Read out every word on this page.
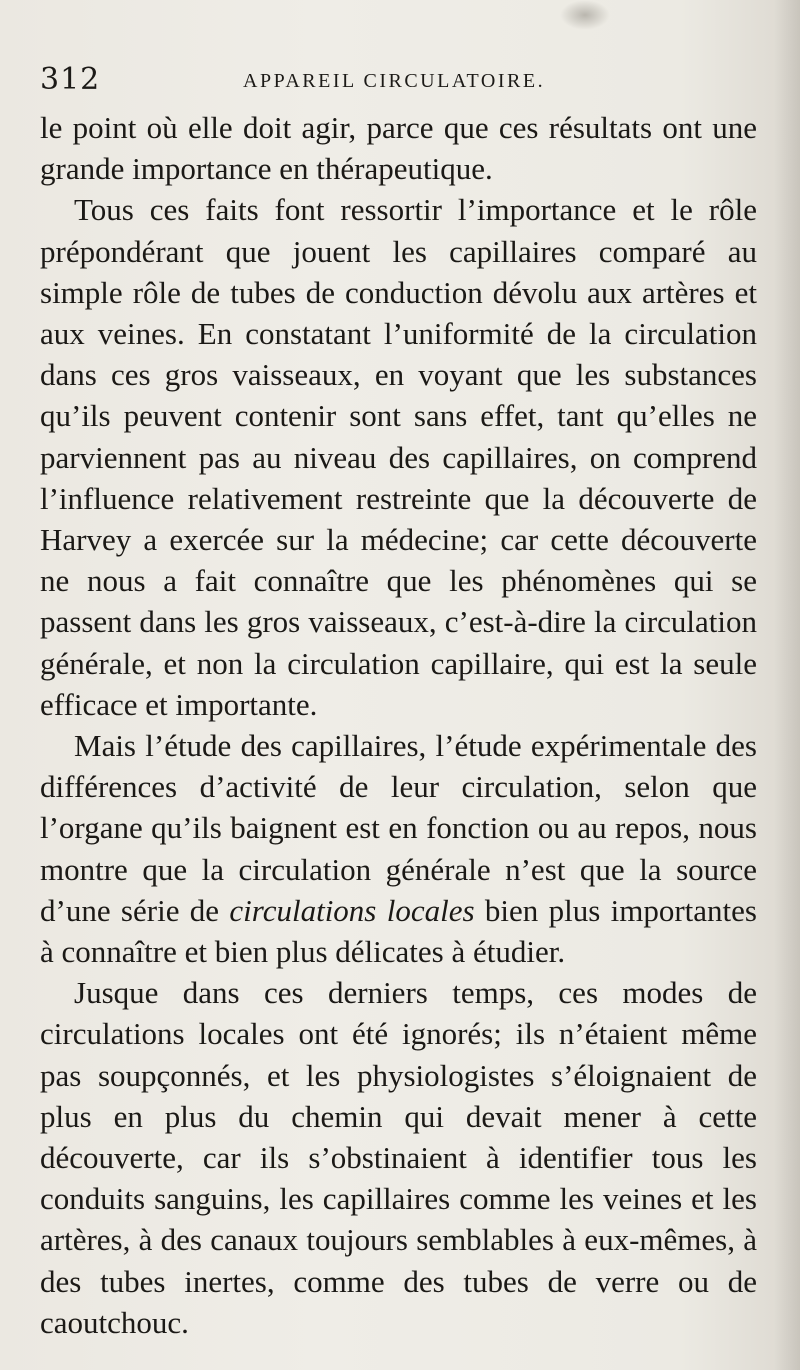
312	APPAREIL CIRCULATOIRE.

le point où elle doit agir, parce que ces résultats ont une grande importance en thérapeutique.

Tous ces faits font ressortir l’importance et le rôle prépondérant que jouent les capillaires comparé au simple rôle de tubes de conduction dévolu aux artères et aux veines. En constatant l’uniformité de la circulation dans ces gros vaisseaux, en voyant que les substances qu’ils peuvent contenir sont sans effet, tant qu’elles ne parviennent pas au niveau des capillaires, on comprend l’influence relativement restreinte que la découverte de Harvey a exercée sur la médecine; car cette découverte ne nous a fait connaître que les phénomènes qui se passent dans les gros vaisseaux, c’est-à-dire la circulation générale, et non la circulation capillaire, qui est la seule efficace et importante.

Mais l’étude des capillaires, l’étude expérimentale des différences d’activité de leur circulation, selon que l’organe qu’ils baignent est en fonction ou au repos, nous montre que la circulation générale n’est que la source d’une série de circulations locales bien plus importantes à connaître et bien plus délicates à étudier.

Jusque dans ces derniers temps, ces modes de circulations locales ont été ignorés; ils n’étaient même pas soupçonnés, et les physiologistes s’éloignaient de plus en plus du chemin qui devait mener à cette découverte, car ils s’obstinaient à identifier tous les conduits sanguins, les capillaires comme les veines et les artères, à des canaux toujours semblables à eux-mêmes, à des tubes inertes, comme des tubes de verre ou de caoutchouc.
